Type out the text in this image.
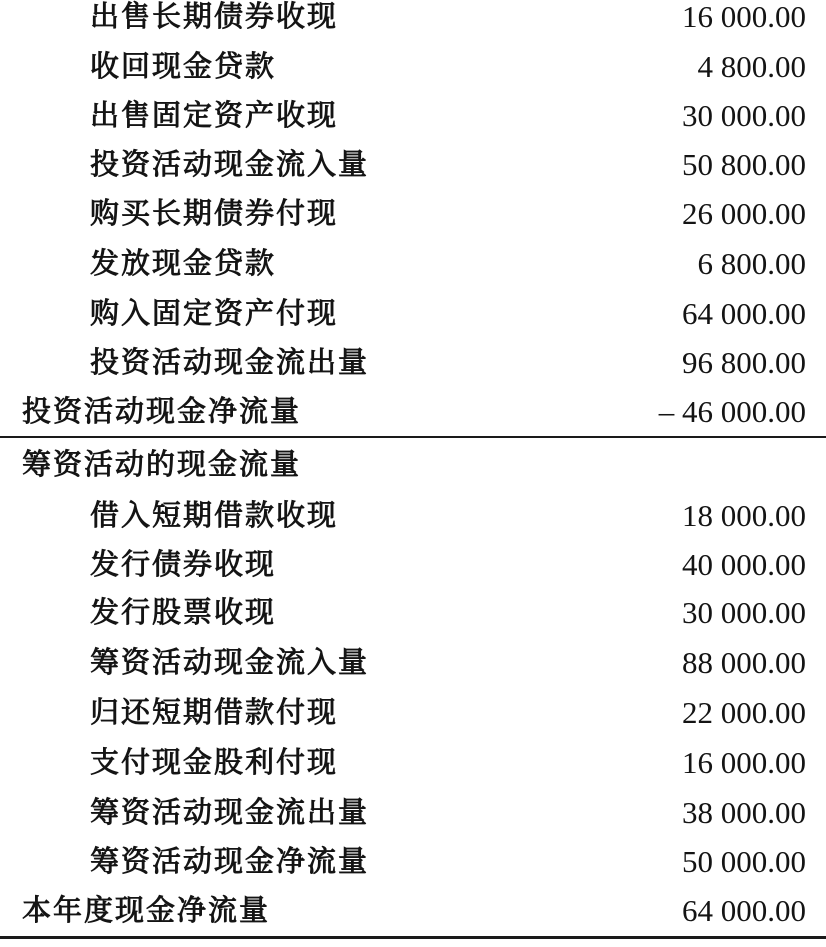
出售长期债券收现	16 000.00
收回现金贷款	4 800.00
出售固定资产收现	30 000.00
投资活动现金流入量	50 800.00
购买长期债券付现	26 000.00
发放现金贷款	6 800.00
购入固定资产付现	64 000.00
投资活动现金流出量	96 800.00
投资活动现金净流量	– 46 000.00
筹资活动的现金流量
借入短期借款收现	18 000.00
发行债券收现	40 000.00
发行股票收现	30 000.00
筹资活动现金流入量	88 000.00
归还短期借款付现	22 000.00
支付现金股利付现	16 000.00
筹资活动现金流出量	38 000.00
筹资活动现金净流量	50 000.00
本年度现金净流量	64 000.00
